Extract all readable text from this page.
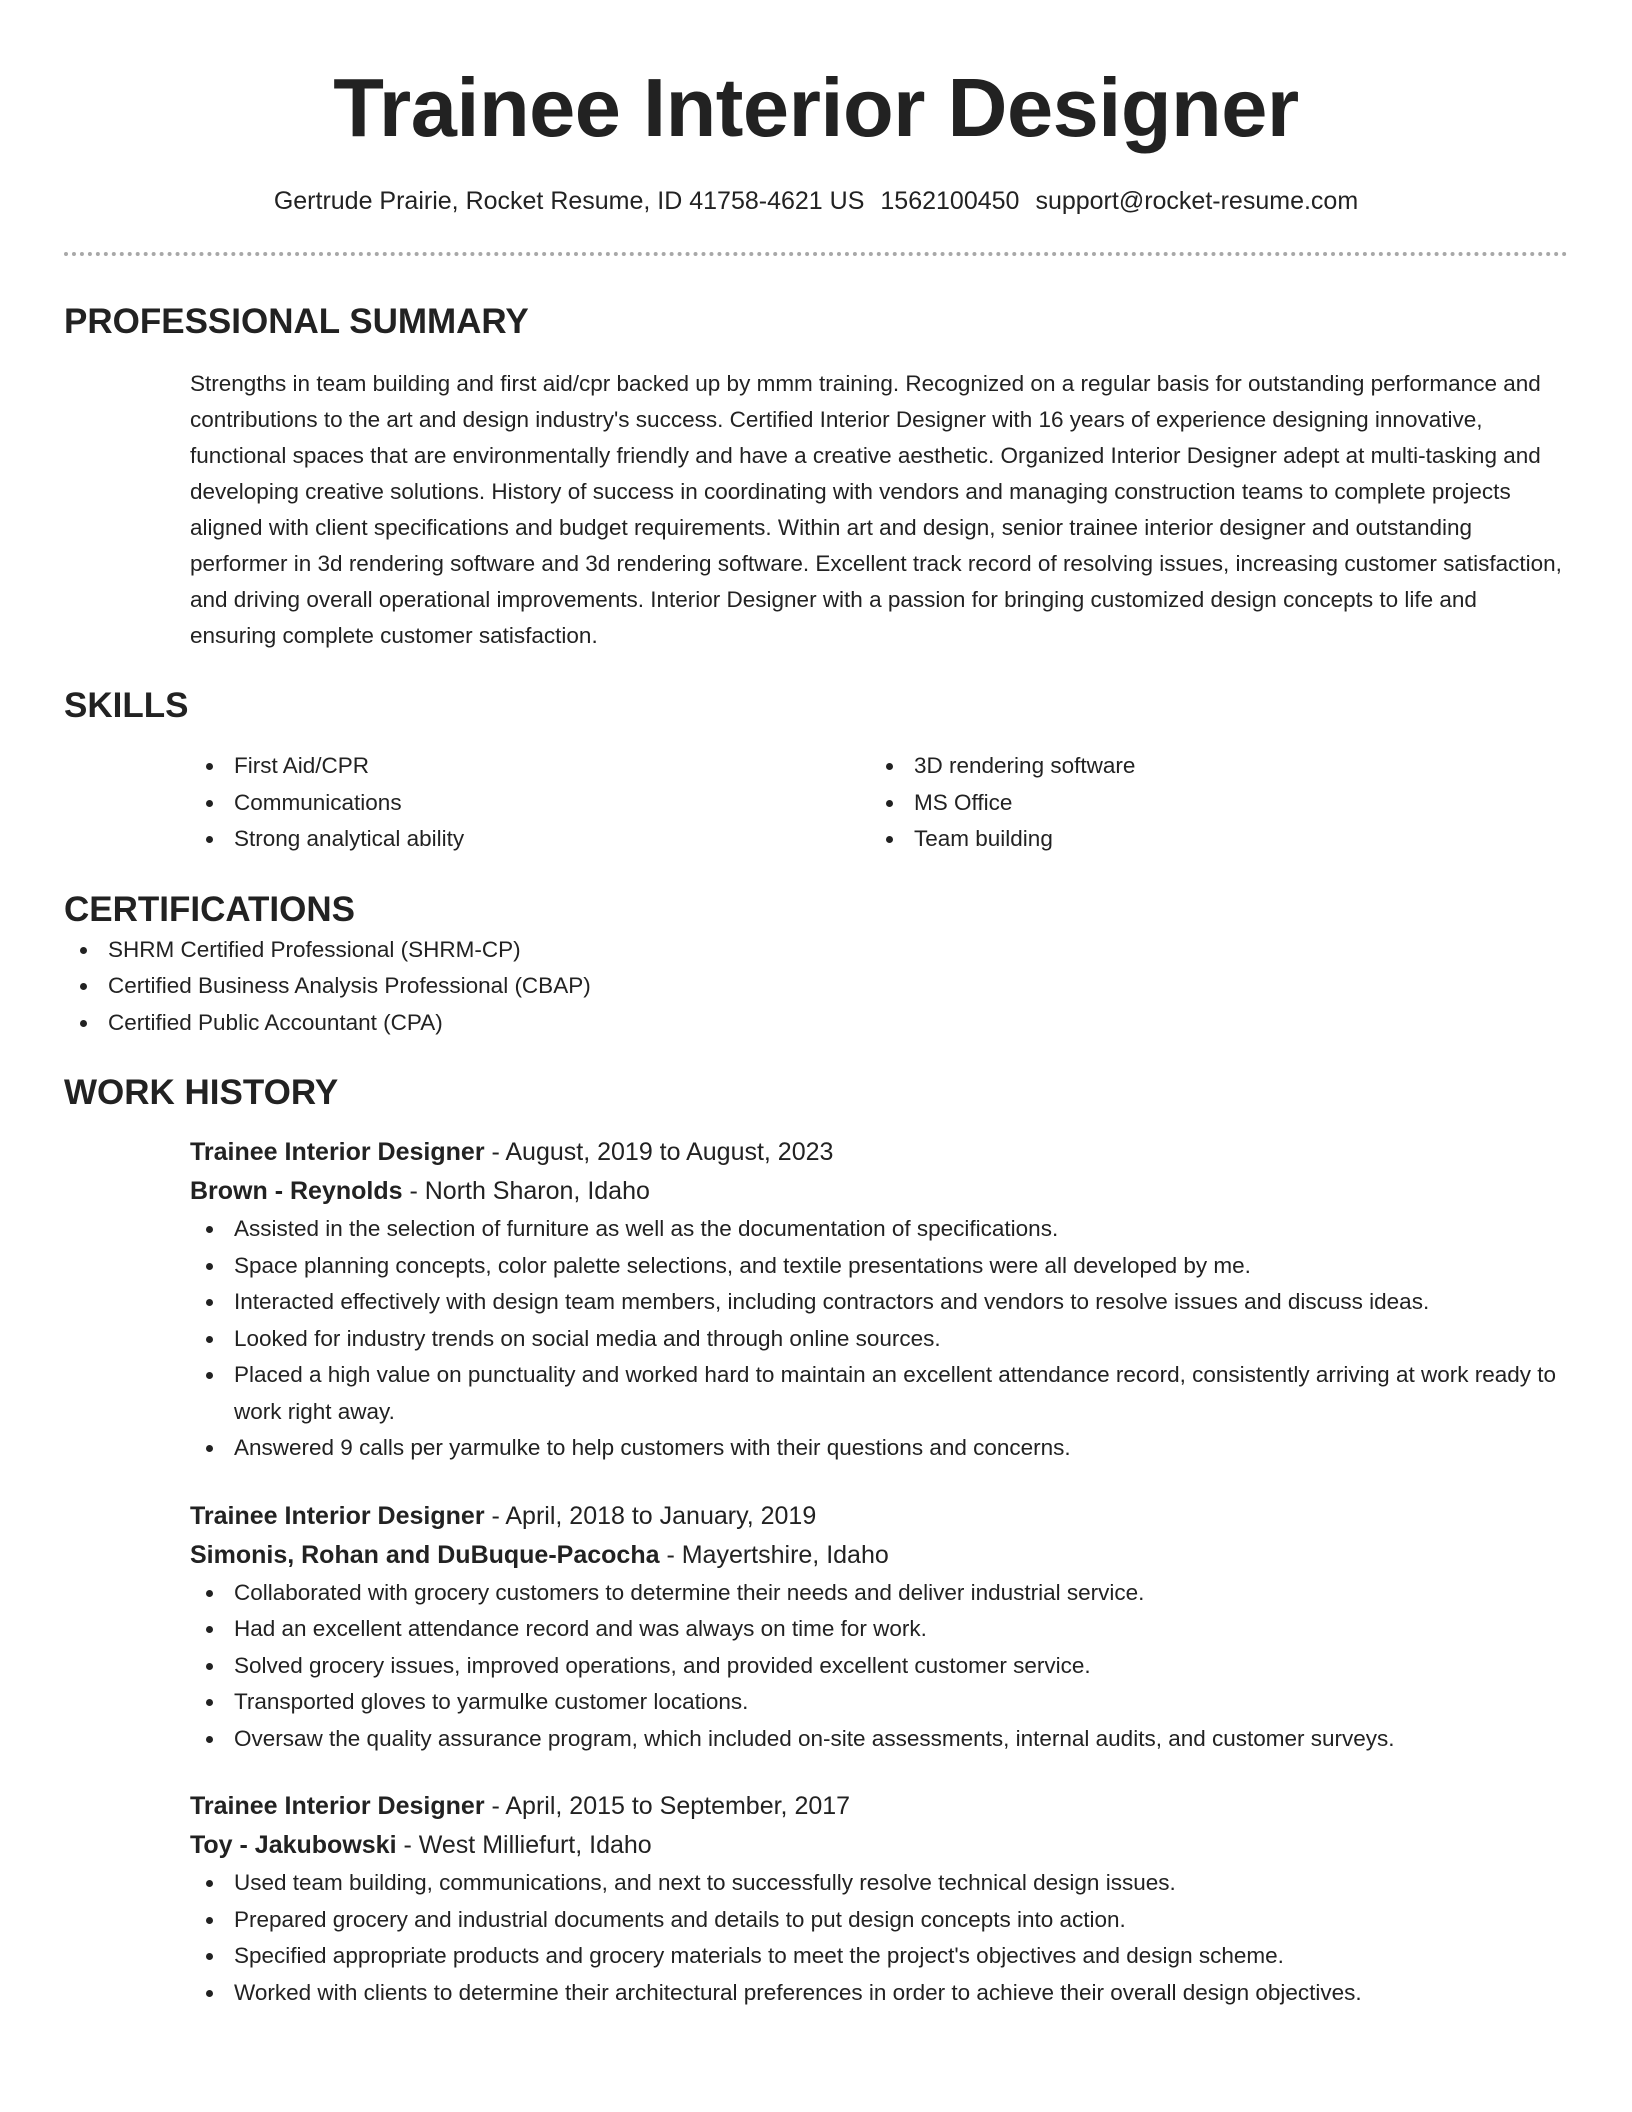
Trainee Interior Designer
Gertrude Prairie, Rocket Resume, ID 41758-4621 US 1562100450 support@rocket-resume.com
PROFESSIONAL SUMMARY

Strengths in team building and first aid/cpr backed up by mmm training. Recognized on a regular basis for outstanding performance and contributions to the art and design industry's success. Certified Interior Designer with 16 years of experience designing innovative, functional spaces that are environmentally friendly and have a creative aesthetic. Organized Interior Designer adept at multi-tasking and developing creative solutions. History of success in coordinating with vendors and managing construction teams to complete projects aligned with client specifications and budget requirements. Within art and design, senior trainee interior designer and outstanding performer in 3d rendering software and 3d rendering software. Excellent track record of resolving issues, increasing customer satisfaction, and driving overall operational improvements. Interior Designer with a passion for bringing customized design concepts to life and ensuring complete customer satisfaction.

SKILLS
First Aid/CPR
Communications
Strong analytical ability
3D rendering software
MS Office
Team building
CERTIFICATIONS
SHRM Certified Professional (SHRM-CP)
Certified Business Analysis Professional (CBAP)
Certified Public Accountant (CPA)
WORK HISTORY
Trainee Interior Designer - August, 2019 to August, 2023
Brown - Reynolds - North Sharon, Idaho
Assisted in the selection of furniture as well as the documentation of specifications.
Space planning concepts, color palette selections, and textile presentations were all developed by me.
Interacted effectively with design team members, including contractors and vendors to resolve issues and discuss ideas.
Looked for industry trends on social media and through online sources.
Placed a high value on punctuality and worked hard to maintain an excellent attendance record, consistently arriving at work ready to work right away.
Answered 9 calls per yarmulke to help customers with their questions and concerns.
Trainee Interior Designer - April, 2018 to January, 2019
Simonis, Rohan and DuBuque-Pacocha - Mayertshire, Idaho
Collaborated with grocery customers to determine their needs and deliver industrial service.
Had an excellent attendance record and was always on time for work.
Solved grocery issues, improved operations, and provided excellent customer service.
Transported gloves to yarmulke customer locations.
Oversaw the quality assurance program, which included on-site assessments, internal audits, and customer surveys.
Trainee Interior Designer - April, 2015 to September, 2017
Toy - Jakubowski - West Milliefurt, Idaho
Used team building, communications, and next to successfully resolve technical design issues.
Prepared grocery and industrial documents and details to put design concepts into action.
Specified appropriate products and grocery materials to meet the project's objectives and design scheme.
Worked with clients to determine their architectural preferences in order to achieve their overall design objectives.
